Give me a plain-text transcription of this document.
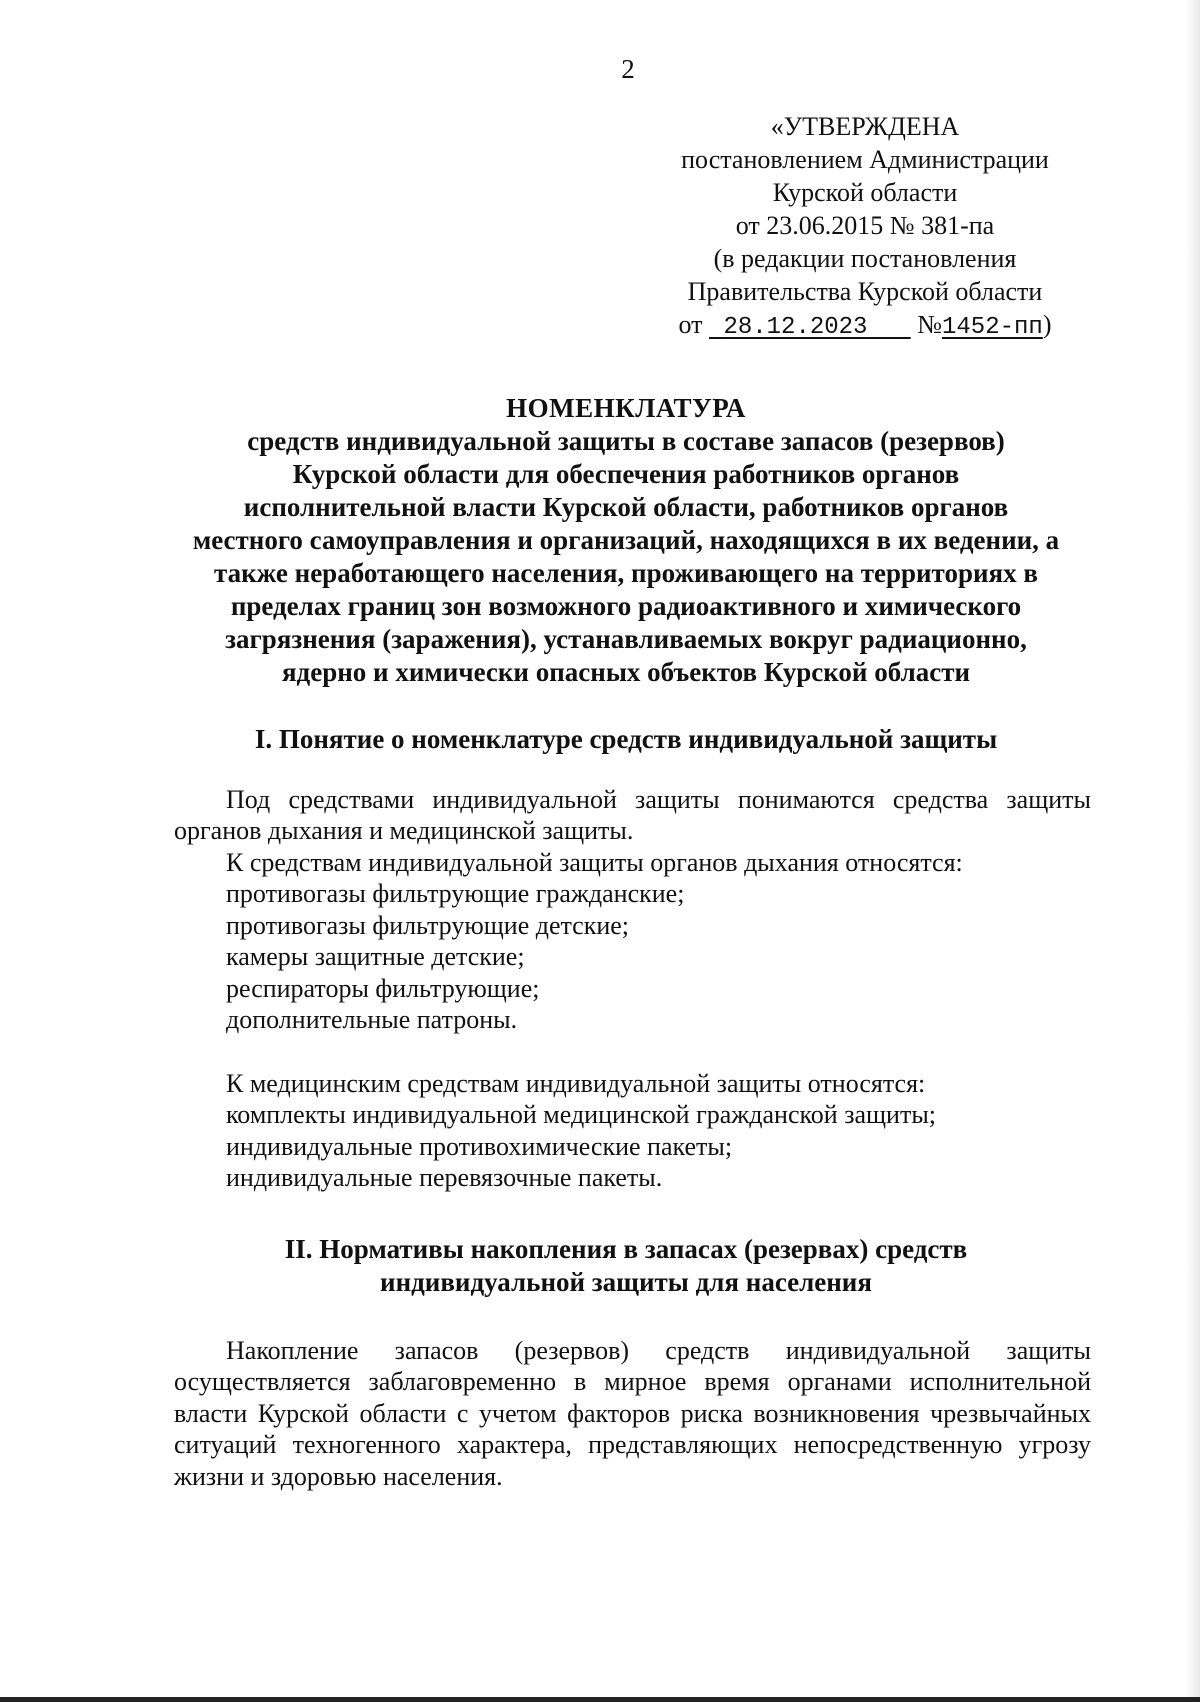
2
«УТВЕРЖДЕНА
постановлением Администрации
Курской области
от 23.06.2015 № 381-па
(в редакции постановления
Правительства Курской области
от 28.12.2023 №1452-пп)
НОМЕНКЛАТУРА
средств индивидуальной защиты в составе запасов (резервов)
Курской области для обеспечения работников органов
исполнительной власти Курской области, работников органов
местного самоуправления и организаций, находящихся в их ведении, а
также неработающего населения, проживающего на территориях в
пределах границ зон возможного радиоактивного и химического
загрязнения (заражения), устанавливаемых вокруг радиационно,
ядерно и химически опасных объектов Курской области
I. Понятие о номенклатуре средств индивидуальной защиты

Под средствами индивидуальной защиты понимаются средства защиты органов дыхания и медицинской защиты.

К средствам индивидуальной защиты органов дыхания относятся:

противогазы фильтрующие гражданские;

противогазы фильтрующие детские;

камеры защитные детские;

респираторы фильтрующие;

дополнительные патроны.

К медицинским средствам индивидуальной защиты относятся:

комплекты индивидуальной медицинской гражданской защиты;

индивидуальные противохимические пакеты;

индивидуальные перевязочные пакеты.

II. Нормативы накопления в запасах (резервах) средств
индивидуальной защиты для населения

Накопление запасов (резервов) средств индивидуальной защиты осуществляется заблаговременно в мирное время органами исполнительной власти Курской области с учетом факторов риска возникновения чрезвычайных ситуаций техногенного характера, представляющих непосредственную угрозу жизни и здоровью населения.
